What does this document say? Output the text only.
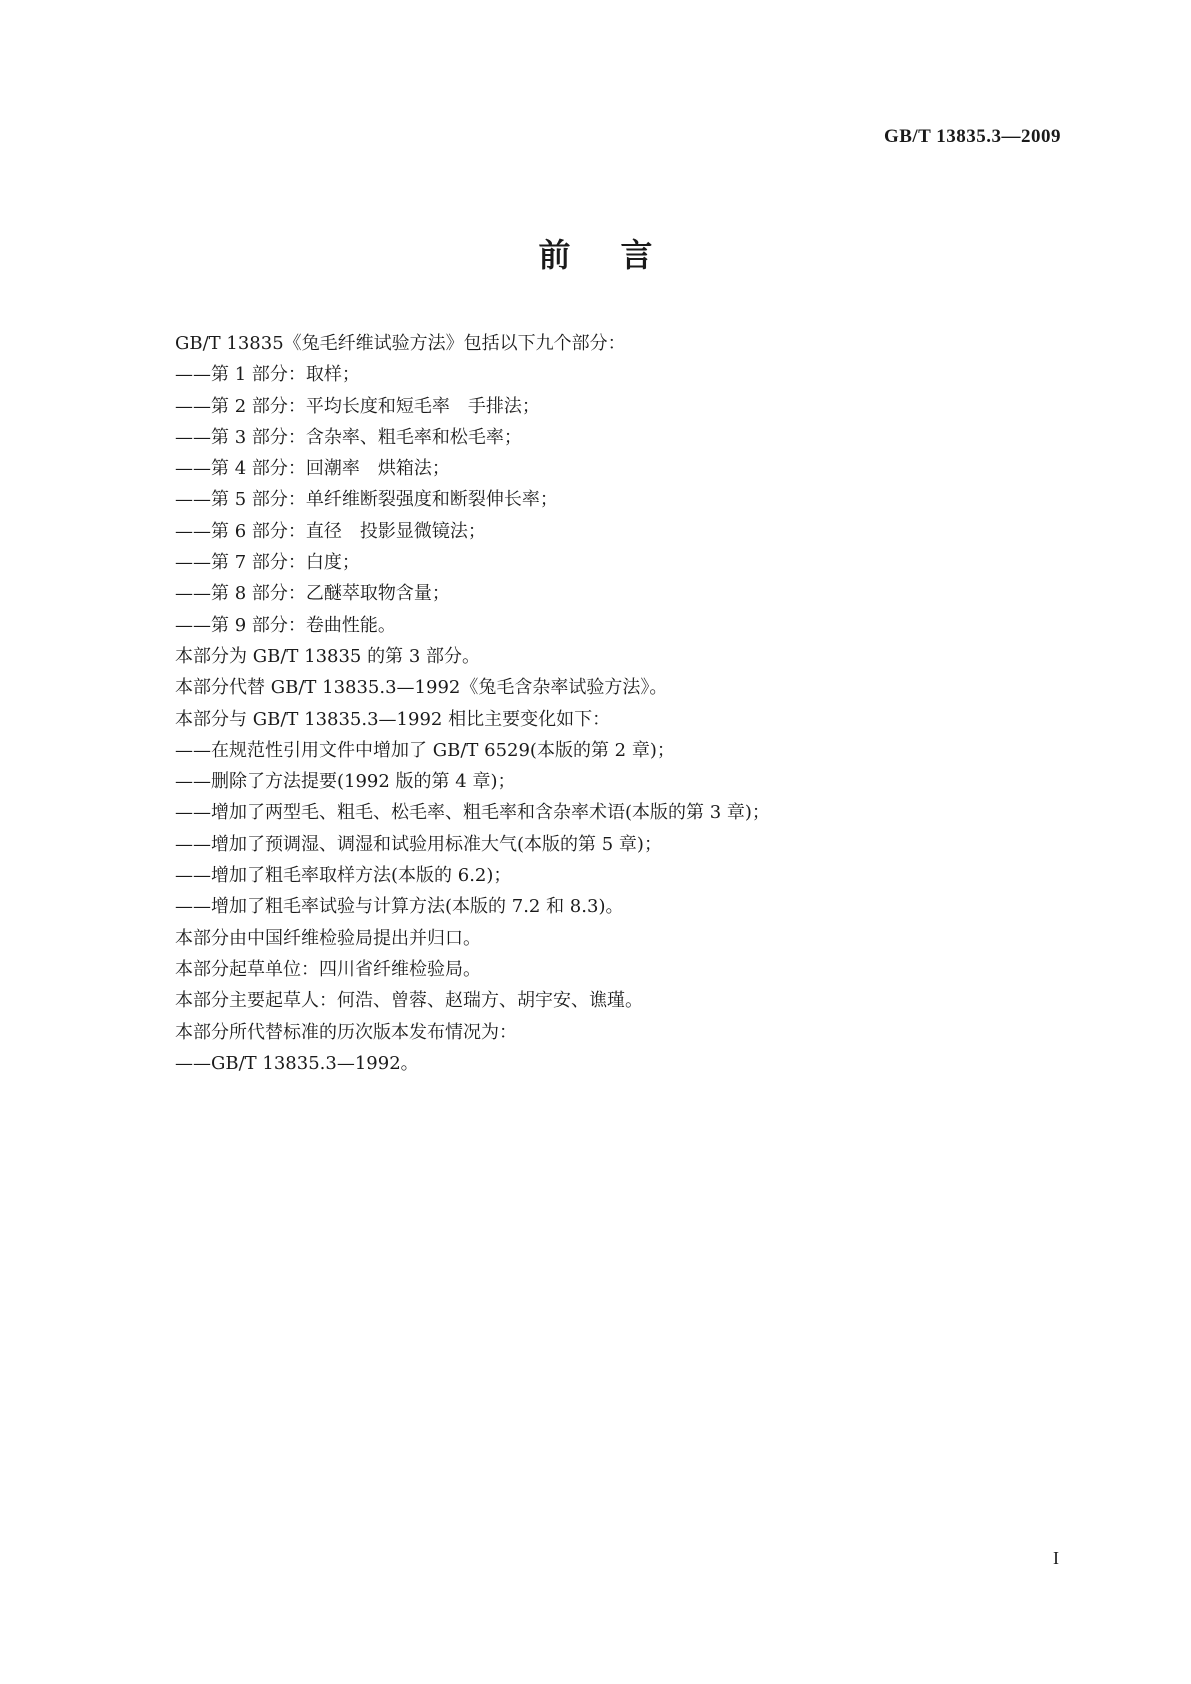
GB/T 13835.3—2009
前言
GB/T 13835《兔毛纤维试验方法》包括以下九个部分：
——第 1 部分：取样；
——第 2 部分：平均长度和短毛率　手排法；
——第 3 部分：含杂率、粗毛率和松毛率；
——第 4 部分：回潮率　烘箱法；
——第 5 部分：单纤维断裂强度和断裂伸长率；
——第 6 部分：直径　投影显微镜法；
——第 7 部分：白度；
——第 8 部分：乙醚萃取物含量；
——第 9 部分：卷曲性能。
本部分为 GB/T 13835 的第 3 部分。
本部分代替 GB/T 13835.3—1992《兔毛含杂率试验方法》。
本部分与 GB/T 13835.3—1992 相比主要变化如下：
——在规范性引用文件中增加了 GB/T 6529(本版的第 2 章)；
——删除了方法提要(1992 版的第 4 章)；
——增加了两型毛、粗毛、松毛率、粗毛率和含杂率术语(本版的第 3 章)；
——增加了预调湿、调湿和试验用标准大气(本版的第 5 章)；
——增加了粗毛率取样方法(本版的 6.2)；
——增加了粗毛率试验与计算方法(本版的 7.2 和 8.3)。
本部分由中国纤维检验局提出并归口。
本部分起草单位：四川省纤维检验局。
本部分主要起草人：何浩、曾蓉、赵瑞方、胡宇安、谯瑾。
本部分所代替标准的历次版本发布情况为：
——GB/T 13835.3—1992。
I
